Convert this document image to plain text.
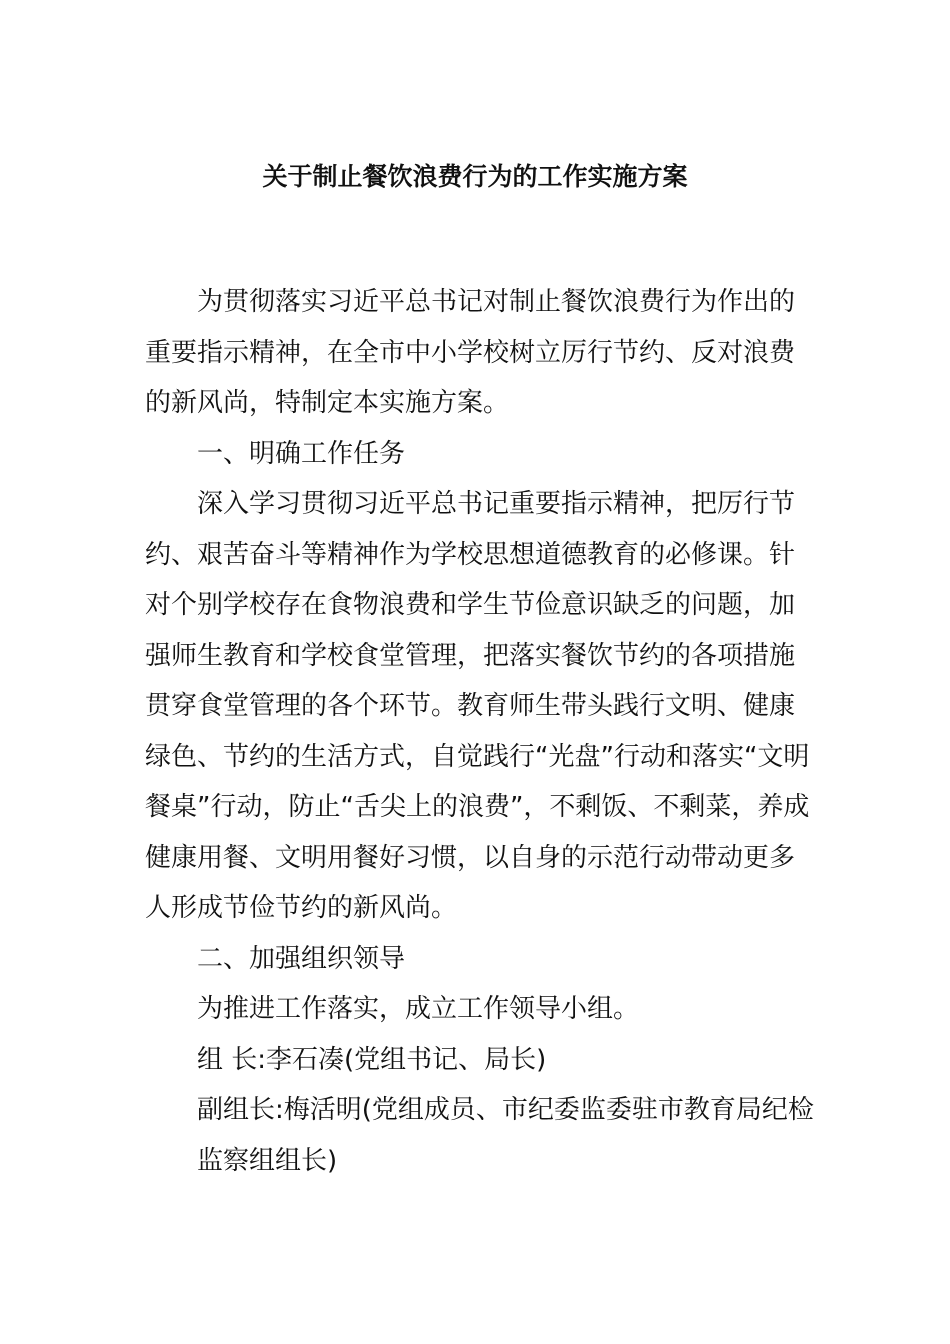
关于制止餐饮浪费行为的工作实施方案
为贯彻落实习近平总书记对制止餐饮浪费行为作出的
重要指示精神，在全市中小学校树立厉行节约、反对浪费
的新风尚，特制定本实施方案。
一、明确工作任务
深入学习贯彻习近平总书记重要指示精神，把厉行节
约、艰苦奋斗等精神作为学校思想道德教育的必修课。针
对个别学校存在食物浪费和学生节俭意识缺乏的问题，加
强师生教育和学校食堂管理，把落实餐饮节约的各项措施
贯穿食堂管理的各个环节。教育师生带头践行文明、健康
绿色、节约的生活方式，自觉践行“光盘”行动和落实“文明
餐桌”行动，防止“舌尖上的浪费”，不剩饭、不剩菜，养成
健康用餐、文明用餐好习惯，以自身的示范行动带动更多
人形成节俭节约的新风尚。
二、加强组织领导
为推进工作落实，成立工作领导小组。
组 长:李石凑(党组书记、局长)
副组长:梅活明(党组成员、市纪委监委驻市教育局纪检
监察组组长)
